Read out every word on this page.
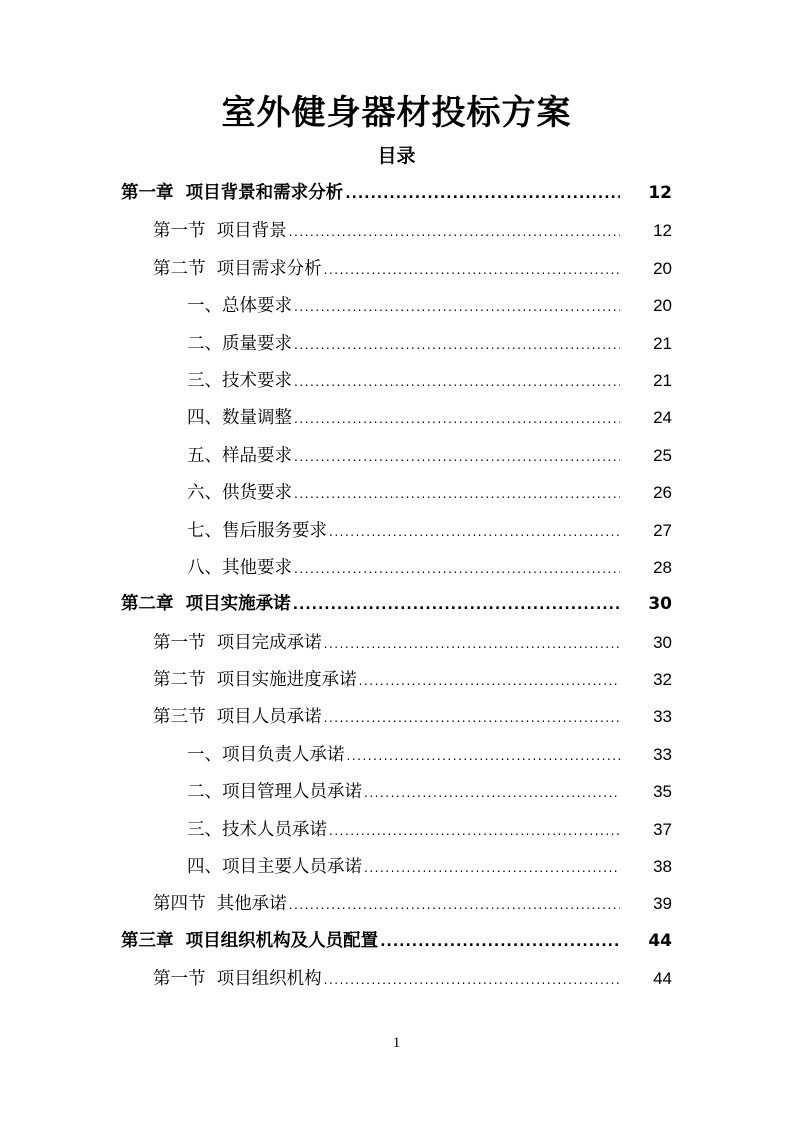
室外健身器材投标方案
目录
第一章  项目背景和需求分析 .....	12
第一节  项目背景 .....	12
第二节  项目需求分析 .....	20
一、总体要求 .....	20
二、质量要求 .....	21
三、技术要求 .....	21
四、数量调整 .....	24
五、样品要求 .....	25
六、供货要求 .....	26
七、售后服务要求 .....	27
八、其他要求 .....	28
第二章  项目实施承诺 .....	30
第一节  项目完成承诺 .....	30
第二节  项目实施进度承诺 .....	32
第三节  项目人员承诺 .....	33
一、项目负责人承诺 .....	33
二、项目管理人员承诺 .....	35
三、技术人员承诺 .....	37
四、项目主要人员承诺 .....	38
第四节  其他承诺 .....	39
第三章  项目组织机构及人员配置 .....	44
第一节  项目组织机构 .....	44
1
